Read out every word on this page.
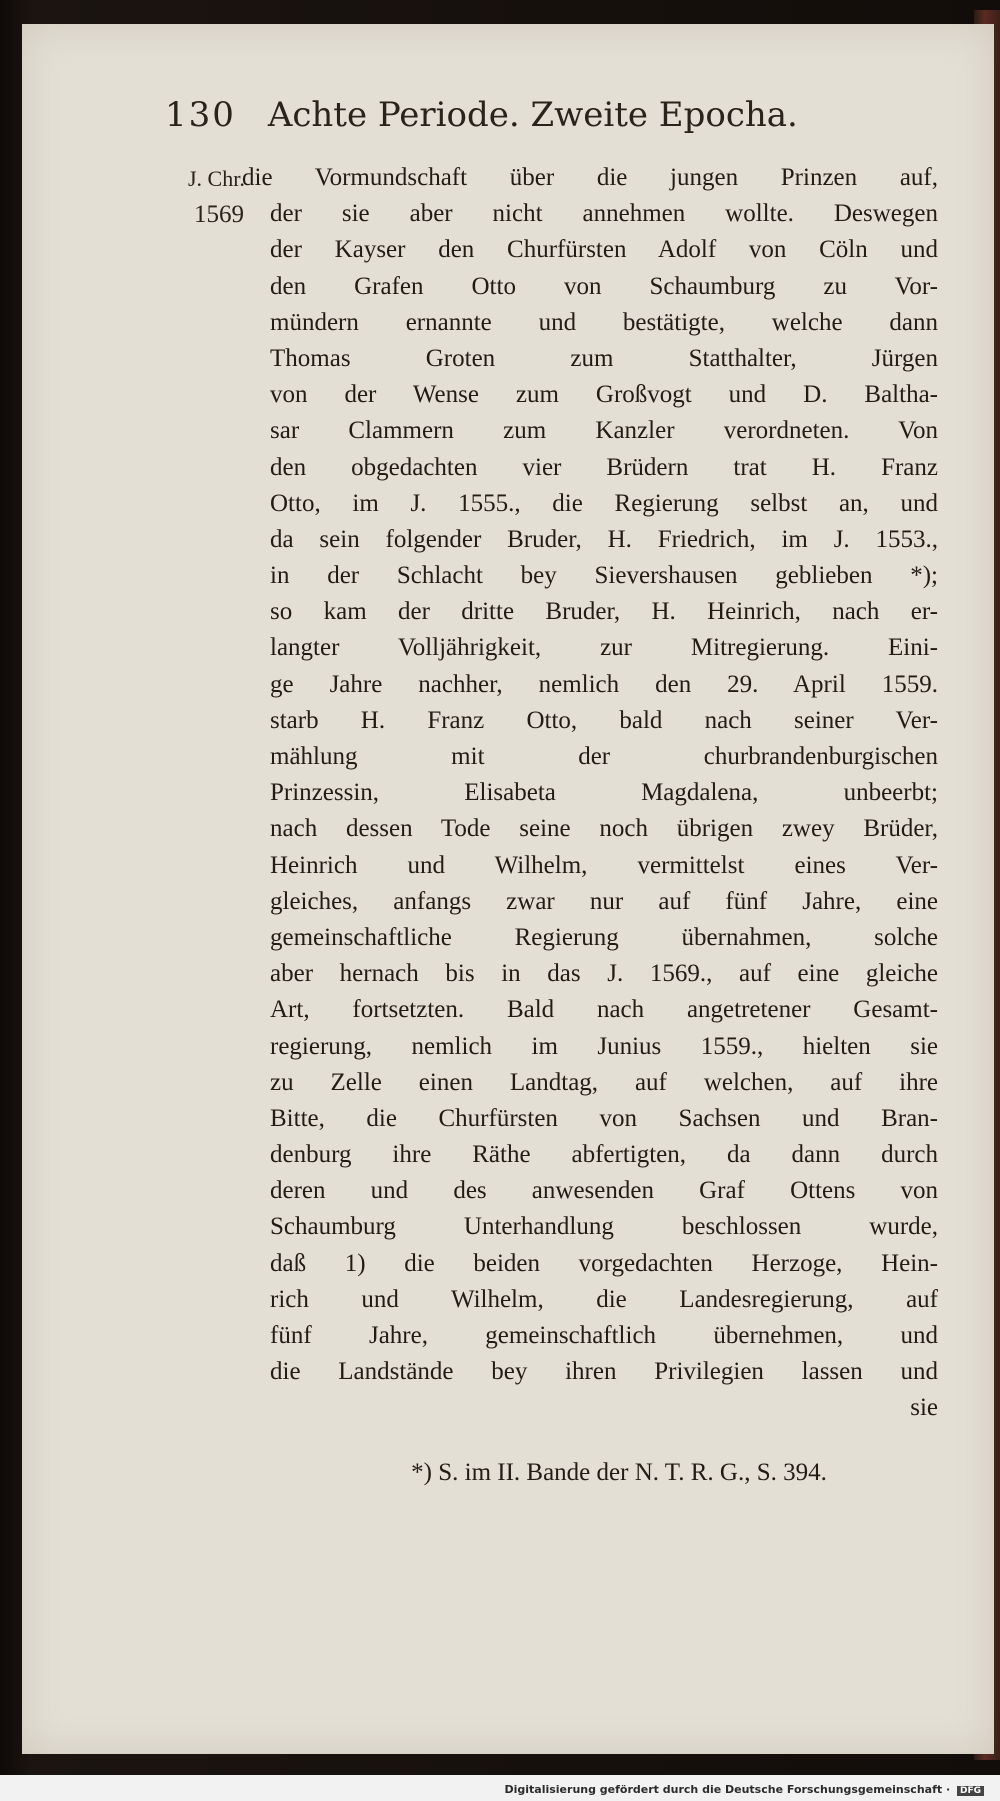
130 Achte Periode. Zweite Epocha.
J. Chr.
1569
die Vormundschaft über die jungen Prinzen auf,
der sie aber nicht annehmen wollte. Deswegen
der Kayser den Churfürsten Adolf von Cöln und
den Grafen Otto von Schaumburg zu Vor-
mündern ernannte und bestätigte, welche dann
Thomas Groten zum Statthalter, Jürgen
von der Wense zum Großvogt und D. Baltha-
sar Clammern zum Kanzler verordneten. Von
den obgedachten vier Brüdern trat H. Franz
Otto, im J. 1555., die Regierung selbst an, und
da sein folgender Bruder, H. Friedrich, im J. 1553.,
in der Schlacht bey Sievershausen geblieben *);
so kam der dritte Bruder, H. Heinrich, nach er-
langter Volljährigkeit, zur Mitregierung. Eini-
ge Jahre nachher, nemlich den 29. April 1559.
starb H. Franz Otto, bald nach seiner Ver-
mählung mit der churbrandenburgischen
Prinzessin, Elisabeta Magdalena, unbeerbt;
nach dessen Tode seine noch übrigen zwey Brüder,
Heinrich und Wilhelm, vermittelst eines Ver-
gleiches, anfangs zwar nur auf fünf Jahre, eine
gemeinschaftliche Regierung übernahmen, solche
aber hernach bis in das J. 1569., auf eine gleiche
Art, fortsetzten. Bald nach angetretener Gesamt-
regierung, nemlich im Junius 1559., hielten sie
zu Zelle einen Landtag, auf welchen, auf ihre
Bitte, die Churfürsten von Sachsen und Bran-
denburg ihre Räthe abfertigten, da dann durch
deren und des anwesenden Graf Ottens von
Schaumburg Unterhandlung beschlossen wurde,
daß 1) die beiden vorgedachten Herzoge, Hein-
rich und Wilhelm, die Landesregierung, auf
fünf Jahre, gemeinschaftlich übernehmen, und
die Landstände bey ihren Privilegien lassen und
sie
*) S. im II. Bande der N. T. R. G., S. 394.
Digitalisierung gefördert durch die Deutsche Forschungsgemeinschaft · DFG
